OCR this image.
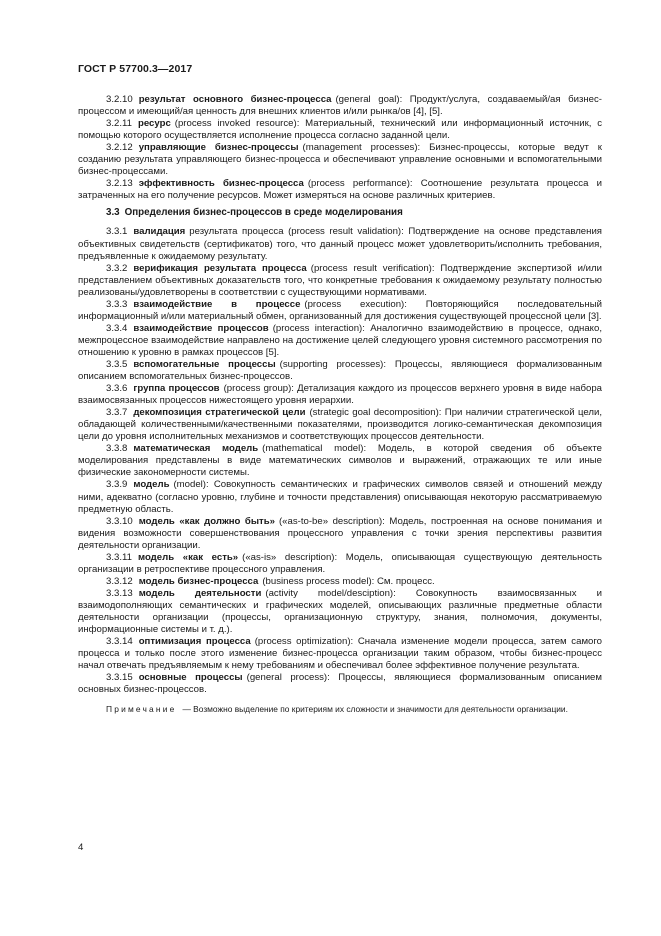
ГОСТ Р 57700.3—2017

3.2.10 результат основного бизнес-процесса (general goal): Продукт/услуга, создаваемый/ая бизнес-процессом и имеющий/ая ценность для внешних клиентов и/или рынка/ов [4], [5].

3.2.11 ресурс (process invoked resource): Материальный, технический или информационный источник, с помощью которого осуществляется исполнение процесса согласно заданной цели.

3.2.12 управляющие бизнес-процессы (management processes): Бизнес-процессы, которые ведут к созданию результата управляющего бизнес-процесса и обеспечивают управление основными и вспомогательными бизнес-процессами.

3.2.13 эффективность бизнес-процесса (process performance): Соотношение результата процесса и затраченных на его получение ресурсов. Может измеряться на основе различных критериев.

3.3 Определения бизнес-процессов в среде моделирования

3.3.1 валидация результата процесса (process result validation): Подтверждение на основе представления объективных свидетельств (сертификатов) того, что данный процесс может удовлетворить/исполнить требования, предъявленные к ожидаемому результату.

3.3.2 верификация результата процесса (process result verification): Подтверждение экспертизой и/или представлением объективных доказательств того, что конкретные требования к ожидаемому результату полностью реализованы/удовлетворены в соответствии с существующими нормативами.

3.3.3 взаимодействие в процессе (process execution): Повторяющийся последовательный информационный и/или материальный обмен, организованный для достижения существующей процессной цели [3].

3.3.4 взаимодействие процессов (process interaction): Аналогично взаимодействию в процессе, однако, межпроцессное взаимодействие направлено на достижение целей следующего уровня системного рассмотрения по отношению к уровню в рамках процессов [5].

3.3.5 вспомогательные процессы (supporting processes): Процессы, являющиеся формализованным описанием вспомогательных бизнес-процессов.

3.3.6 группа процессов (process group): Детализация каждого из процессов верхнего уровня в виде набора взаимосвязанных процессов нижестоящего уровня иерархии.

3.3.7 декомпозиция стратегической цели (strategic goal decomposition): При наличии стратегической цели, обладающей количественными/качественными показателями, производится логико-семантическая декомпозиция цели до уровня исполнительных механизмов и соответствующих процессов деятельности.

3.3.8 математическая модель (mathematical model): Модель, в которой сведения об объекте моделирования представлены в виде математических символов и выражений, отражающих те или иные физические закономерности системы.

3.3.9 модель (model): Совокупность семантических и графических символов связей и отношений между ними, адекватно (согласно уровню, глубине и точности представления) описывающая некоторую рассматриваемую предметную область.

3.3.10 модель «как должно быть» («as-to-be» description): Модель, построенная на основе понимания и видения возможности совершенствования процессного управления с точки зрения перспективы развития деятельности организации.

3.3.11 модель «как есть» («as-is» description): Модель, описывающая существующую деятельность организации в ретроспективе процессного управления.

3.3.12 модель бизнес-процесса (business process model): См. процесс.

3.3.13 модель деятельности (activity model/desciption): Совокупность взаимосвязанных и взаимодополняющих семантических и графических моделей, описывающих различные предметные области деятельности организации (процессы, организационную структуру, знания, полномочия, документы, информационные системы и т. д.).

3.3.14 оптимизация процесса (process optimization): Сначала изменение модели процесса, затем самого процесса и только после этого изменение бизнес-процесса организации таким образом, чтобы бизнес-процесс начал отвечать предъявляемым к нему требованиям и обеспечивал более эффективное получение результата.

3.3.15 основные процессы (general process): Процессы, являющиеся формализованным описанием основных бизнес-процессов.

Примечание — Возможно выделение по критериям их сложности и значимости для деятельности организации.

4
